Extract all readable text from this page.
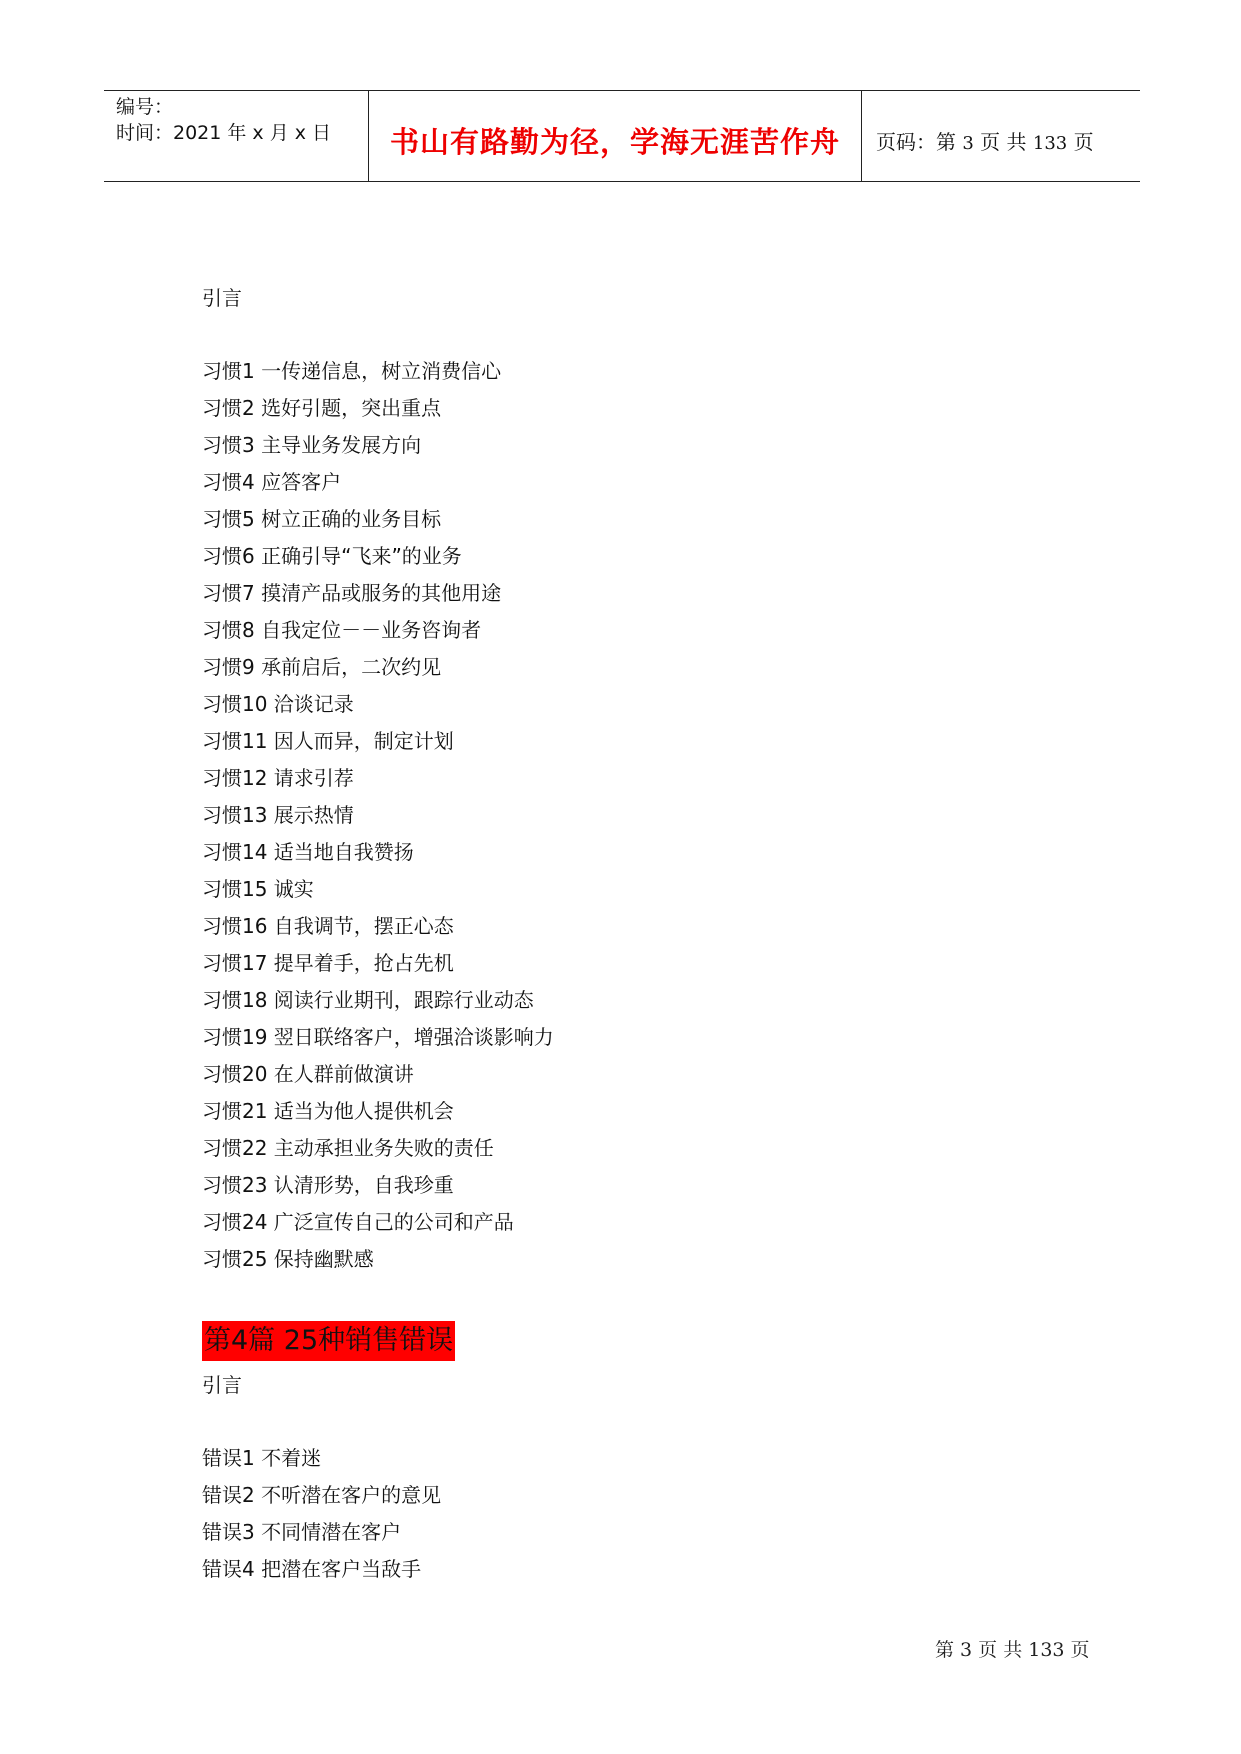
编号：
时间：2021 年 x 月 x 日 书山有路勤为径，学海无涯苦作舟 页码：第 3 页 共 133 页
引言
习惯1 一传递信息，树立消费信心
习惯2 选好引题，突出重点
习惯3 主导业务发展方向
习惯4 应答客户
习惯5 树立正确的业务目标
习惯6 正确引导“飞来”的业务
习惯7 摸清产品或服务的其他用途
习惯8 自我定位－－业务咨询者
习惯9 承前启后，二次约见
习惯10 洽谈记录
习惯11 因人而异，制定计划
习惯12 请求引荐
习惯13 展示热情
习惯14 适当地自我赞扬
习惯15 诚实
习惯16 自我调节，摆正心态
习惯17 提早着手，抢占先机
习惯18 阅读行业期刊，跟踪行业动态
习惯19 翌日联络客户，增强洽谈影响力
习惯20 在人群前做演讲
习惯21 适当为他人提供机会
习惯22 主动承担业务失败的责任
习惯23 认清形势，自我珍重
习惯24 广泛宣传自己的公司和产品
习惯25 保持幽默感
第4篇 25种销售错误
引言
错误1 不着迷
错误2 不听潜在客户的意见
错误3 不同情潜在客户
错误4 把潜在客户当敌手
第 3 页 共 133 页
